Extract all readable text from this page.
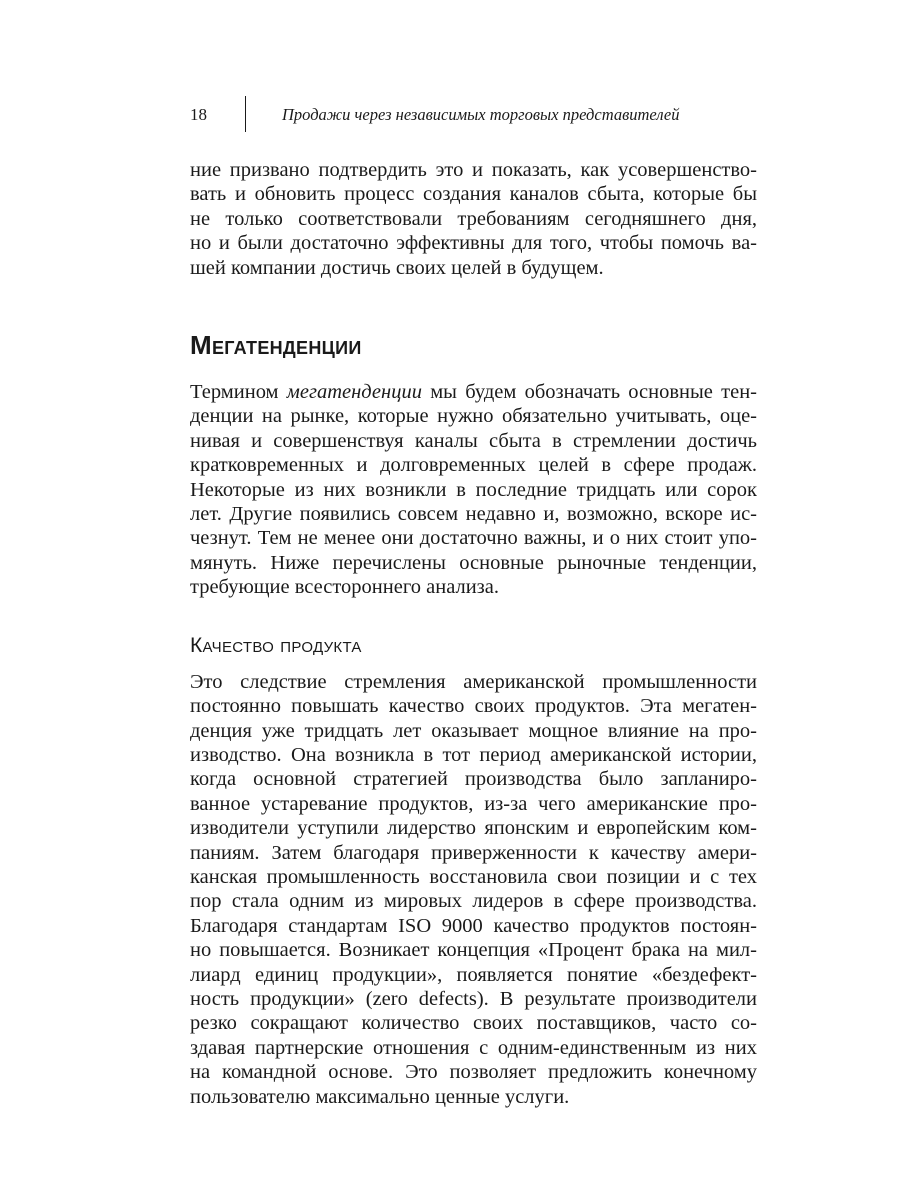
18	Продажи через независимых торговых представителей

ние призвано подтвердить это и показать, как усовершенство-
вать и обновить процесс создания каналов сбыта, которые бы
не только соответствовали требованиям сегодняшнего дня,
но и были достаточно эффективны для того, чтобы помочь ва-
шей компании достичь своих целей в будущем.

Мегатенденции

Термином мегатенденции мы будем обозначать основные тен-
денции на рынке, которые нужно обязательно учитывать, оце-
нивая и совершенствуя каналы сбыта в стремлении достичь
кратковременных и долговременных целей в сфере продаж.
Некоторые из них возникли в последние тридцать или сорок
лет. Другие появились совсем недавно и, возможно, вскоре ис-
чезнут. Тем не менее они достаточно важны, и о них стоит упо-
мянуть. Ниже перечислены основные рыночные тенденции,
требующие всестороннего анализа.

Качество продукта

Это следствие стремления американской промышленности
постоянно повышать качество своих продуктов. Эта мегатен-
денция уже тридцать лет оказывает мощное влияние на про-
изводство. Она возникла в тот период американской истории,
когда основной стратегией производства было запланиро-
ванное устаревание продуктов, из-за чего американские про-
изводители уступили лидерство японским и европейским ком-
паниям. Затем благодаря приверженности к качеству амери-
канская промышленность восстановила свои позиции и с тех
пор стала одним из мировых лидеров в сфере производства.
Благодаря стандартам ISO 9000 качество продуктов постоян-
но повышается. Возникает концепция «Процент брака на мил-
лиард единиц продукции», появляется понятие «бездефект-
ность продукции» (zero defects). В результате производители
резко сокращают количество своих поставщиков, часто со-
здавая партнерские отношения с одним-единственным из них
на командной основе. Это позволяет предложить конечному
пользователю максимально ценные услуги.
